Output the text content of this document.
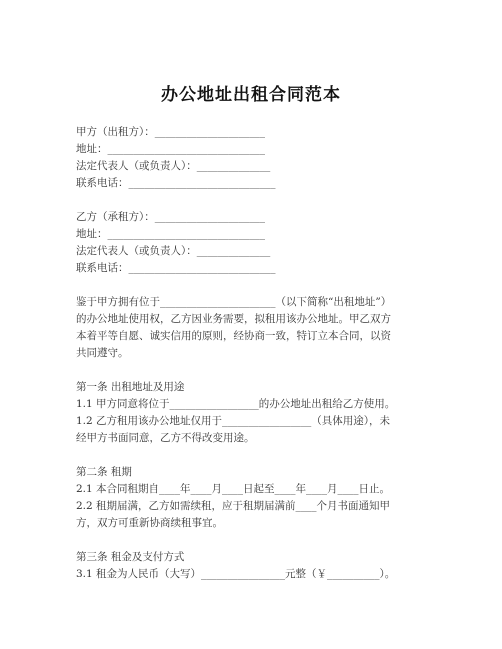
办公地址出租合同范本
甲方（出租方）：_____________________
地址：______________________________
法定代表人（或负责人）：______________
联系电话：____________________________
乙方（承租方）：_____________________
地址：______________________________
法定代表人（或负责人）：______________
联系电话：____________________________
鉴于甲方拥有位于______________________（以下简称“出租地址”）
的办公地址使用权，乙方因业务需要，拟租用该办公地址。甲乙双方
本着平等自愿、诚实信用的原则，经协商一致，特订立本合同，以资
共同遵守。
第一条 出租地址及用途
1.1 甲方同意将位于_________________的办公地址出租给乙方使用。
1.2 乙方租用该办公地址仅用于_________________（具体用途），未
经甲方书面同意，乙方不得改变用途。
第二条 租期
2.1 本合同租期自____年____月____日起至____年____月____日止。
2.2 租期届满，乙方如需续租，应于租期届满前____个月书面通知甲
方，双方可重新协商续租事宜。
第三条 租金及支付方式
3.1 租金为人民币（大写）________________元整（￥__________）。
